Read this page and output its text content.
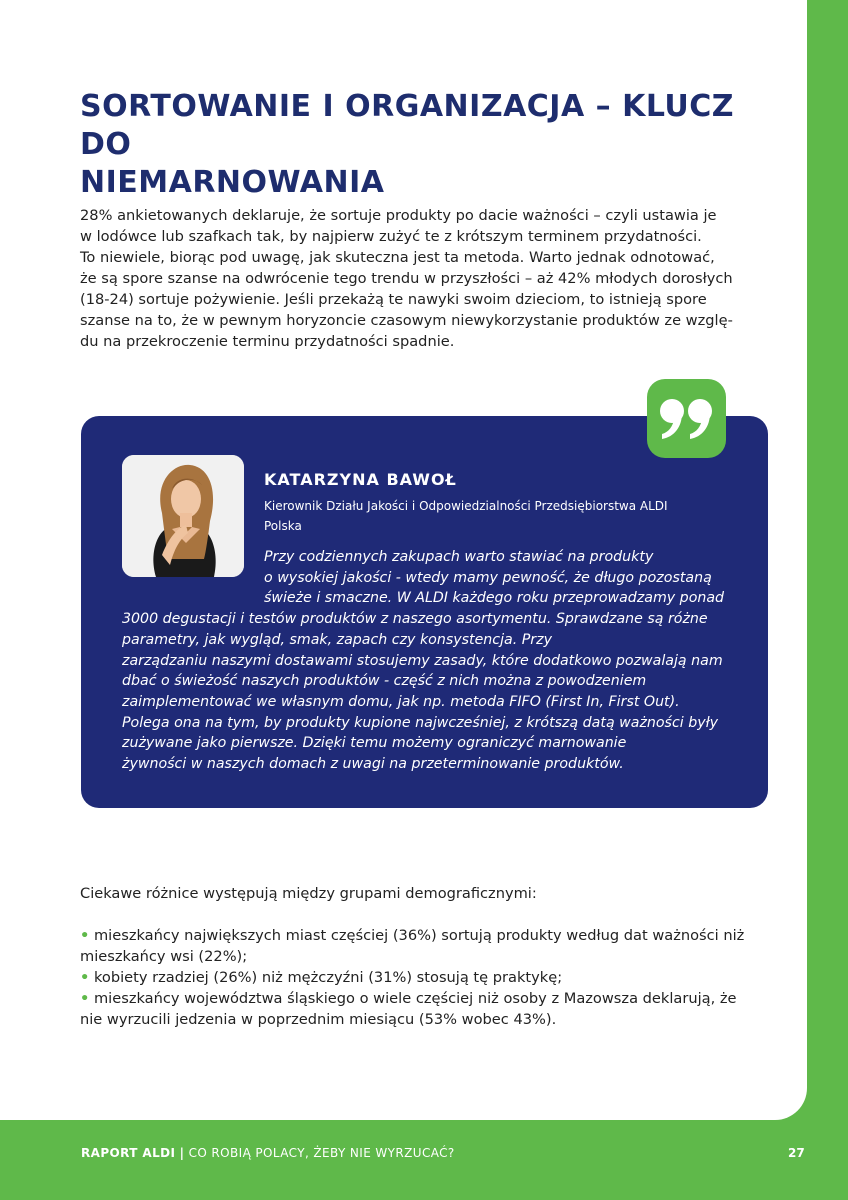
SORTOWANIE I ORGANIZACJA – KLUCZ DO
NIEMARNOWANIA

28% ankietowanych deklaruje, że sortuje produkty po dacie ważności – czyli ustawia je
w lodówce lub szafkach tak, by najpierw zużyć te z krótszym terminem przydatności.
To niewiele, biorąc pod uwagę, jak skuteczna jest ta metoda. Warto jednak odnotować,
że są spore szanse na odwrócenie tego trendu w przyszłości – aż 42% młodych dorosłych
(18-24) sortuje pożywienie. Jeśli przekażą te nawyki swoim dzieciom, to istnieją spore
szanse na to, że w pewnym horyzoncie czasowym niewykorzystanie produktów ze wzglę-
du na przekroczenie terminu przydatności spadnie.

KATARZYNA BAWOŁ

Kierownik Działu Jakości i Odpowiedzialności Przedsiębiorstwa ALDI
Polska

Przy codziennych zakupach warto stawiać na produkty
o wysokiej jakości - wtedy mamy pewność, że długo pozostaną
świeże i smaczne. W ALDI każdego roku przeprowadzamy ponad
3000 degustacji i testów produktów z naszego asortymentu. Sprawdzane są różne
parametry, jak wygląd, smak, zapach czy konsystencja. Przy
zarządzaniu naszymi dostawami stosujemy zasady, które dodatkowo pozwalają nam
dbać o świeżość naszych produktów - część z nich można z powodzeniem
zaimplementować we własnym domu, jak np. metoda FIFO (First In, First Out).
Polega ona na tym, by produkty kupione najwcześniej, z krótszą datą ważności były
zużywane jako pierwsze. Dzięki temu możemy ograniczyć marnowanie
żywności w naszych domach z uwagi na przeterminowanie produktów.

Ciekawe różnice występują między grupami demograficznymi:

• mieszkańcy największych miast częściej (36%) sortują produkty według dat ważności niż
mieszkańcy wsi (22%);
• kobiety rzadziej (26%) niż mężczyźni (31%) stosują tę praktykę;
• mieszkańcy województwa śląskiego o wiele częściej niż osoby z Mazowsza deklarują, że
nie wyrzucili jedzenia w poprzednim miesiącu (53% wobec 43%).

RAPORT ALDI | CO ROBIĄ POLACY, ŻEBY NIE WYRZUCAĆ?	27
